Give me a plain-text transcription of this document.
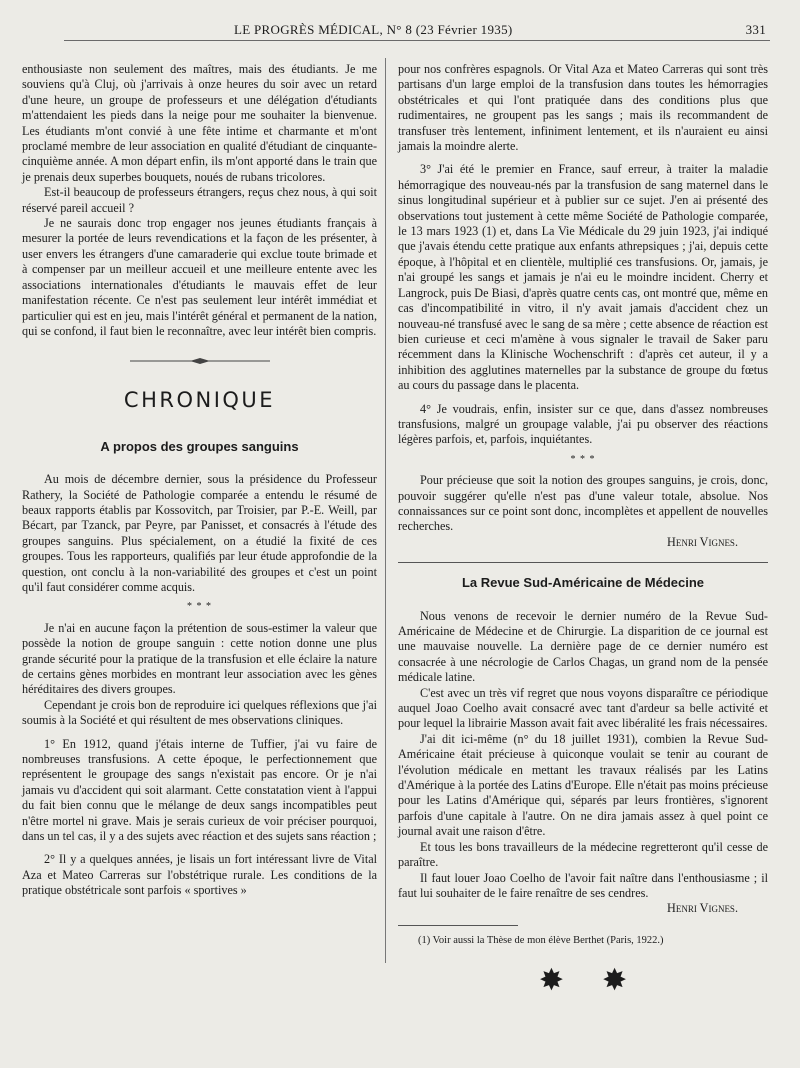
LE PROGRÈS MÉDICAL, N° 8 (23 Février 1935)	331

enthousiaste non seulement des maîtres, mais des étudiants. Je me souviens qu'à Cluj, où j'arrivais à onze heures du soir avec un retard d'une heure, un groupe de professeurs et une délégation d'étudiants m'attendaient les pieds dans la neige pour me souhaiter la bienvenue. Les étudiants m'ont convié à une fête intime et charmante et m'ont proclamé membre de leur association en qualité d'étudiant de cinquante-cinquième année. A mon départ enfin, ils m'ont apporté dans le train que je prenais deux superbes bouquets, noués de rubans tricolores.

Est-il beaucoup de professeurs étrangers, reçus chez nous, à qui soit réservé pareil accueil ?

Je ne saurais donc trop engager nos jeunes étudiants français à mesurer la portée de leurs revendications et la façon de les présenter, à user envers les étrangers d'une camaraderie qui exclue toute brimade et à compenser par un meilleur accueil et une meilleure entente avec les associations internationales d'étudiants le mauvais effet de leur manifestation récente. Ce n'est pas seulement leur intérêt immédiat et particulier qui est en jeu, mais l'intérêt général et permanent de la nation, qui se confond, il faut bien le reconnaître, avec leur intérêt bien compris.

CHRONIQUE
A propos des groupes sanguins

Au mois de décembre dernier, sous la présidence du Professeur Rathery, la Société de Pathologie comparée a entendu le résumé de beaux rapports établis par Kossovitch, par Troisier, par P.-E. Weill, par Bécart, par Tzanck, par Peyre, par Panisset, et consacrés à l'étude des groupes sanguins. Plus spécialement, on a étudié la fixité de ces groupes. Tous les rapporteurs, qualifiés par leur étude approfondie de la question, ont conclu à la non-variabilité des groupes et c'est un point qu'il faut considérer comme acquis.

* * *

Je n'ai en aucune façon la prétention de sous-estimer la valeur que possède la notion de groupe sanguin : cette notion donne une plus grande sécurité pour la pratique de la transfusion et elle éclaire la nature de certains gènes morbides en montrant leur association avec les gènes héréditaires des divers groupes.

Cependant je crois bon de reproduire ici quelques réflexions que j'ai soumis à la Société et qui résultent de mes observations cliniques.

1° En 1912, quand j'étais interne de Tuffier, j'ai vu faire de nombreuses transfusions. A cette époque, le perfectionnement que représentent le groupage des sangs n'existait pas encore. Or je n'ai jamais vu d'accident qui soit alarmant. Cette constatation vient à l'appui du fait bien connu que le mélange de deux sangs incompatibles peut n'être mortel ni grave. Mais je serais curieux de voir préciser pourquoi, dans un tel cas, il y a des sujets avec réaction et des sujets sans réaction ;

2° Il y a quelques années, je lisais un fort intéressant livre de Vital Aza et Mateo Carreras sur l'obstétrique rurale. Les conditions de la pratique obstétricale sont parfois « sportives »

pour nos confrères espagnols. Or Vital Aza et Mateo Carreras qui sont très partisans d'un large emploi de la transfusion dans toutes les hémorragies obstétricales et qui l'ont pratiquée dans des conditions plus que rudimentaires, ne groupent pas les sangs ; mais ils recommandent de transfuser très lentement, infiniment lentement, et ils n'auraient eu ainsi jamais la moindre alerte.

3° J'ai été le premier en France, sauf erreur, à traiter la maladie hémorragique des nouveau-nés par la transfusion de sang maternel dans le sinus longitudinal supérieur et à publier sur ce sujet. J'en ai présenté des observations tout justement à cette même Société de Pathologie comparée, le 13 mars 1923 (1) et, dans La Vie Médicale du 29 juin 1923, j'ai indiqué que j'avais étendu cette pratique aux enfants athrepsiques ; j'ai, depuis cette époque, à l'hôpital et en clientèle, multiplié ces transfusions. Or, jamais, je n'ai groupé les sangs et jamais je n'ai eu le moindre incident. Cherry et Langrock, puis De Biasi, d'après quatre cents cas, ont montré que, même en cas d'incompatibilité in vitro, il n'y avait jamais d'accident chez un nouveau-né transfusé avec le sang de sa mère ; cette absence de réaction est bien curieuse et ceci m'amène à vous signaler le travail de Saker paru récemment dans la Klinische Wochenschrift : d'après cet auteur, il y a inhibition des agglutines maternelles par la substance de groupe du fœtus au cours du passage dans le placenta.

4° Je voudrais, enfin, insister sur ce que, dans d'assez nombreuses transfusions, malgré un groupage valable, j'ai pu observer des réactions légères parfois, et, parfois, inquiétantes.

* * *

Pour précieuse que soit la notion des groupes sanguins, je crois, donc, pouvoir suggérer qu'elle n'est pas d'une valeur totale, absolue. Nos connaissances sur ce point sont donc, incomplètes et appellent de nouvelles recherches.

Henri Vignes.

La Revue Sud-Américaine de Médecine

Nous venons de recevoir le dernier numéro de la Revue Sud-Américaine de Médecine et de Chirurgie. La disparition de ce journal est une mauvaise nouvelle. La dernière page de ce dernier numéro est consacrée à une nécrologie de Carlos Chagas, un grand nom de la pensée médicale latine.

C'est avec un très vif regret que nous voyons disparaître ce périodique auquel Joao Coelho avait consacré avec tant d'ardeur sa belle activité et pour lequel la librairie Masson avait fait avec libéralité les frais nécessaires.

J'ai dit ici-même (n° du 18 juillet 1931), combien la Revue Sud-Américaine était précieuse à quiconque voulait se tenir au courant de l'évolution médicale en mettant les travaux réalisés par les Latins d'Amérique à la portée des Latins d'Europe. Elle n'était pas moins précieuse pour les Latins d'Amérique qui, séparés par leurs frontières, s'ignorent parfois d'une capitale à l'autre. On ne dira jamais assez à quel point ce journal avait une raison d'être.

Et tous les bons travailleurs de la médecine regretteront qu'il cesse de paraître.

Il faut louer Joao Coelho de l'avoir fait naître dans l'enthousiasme ; il faut lui souhaiter de le faire renaître de ses cendres.

Henri Vignes.

(1) Voir aussi la Thèse de mon élève Berthet (Paris, 1922.)

✸ ✸
